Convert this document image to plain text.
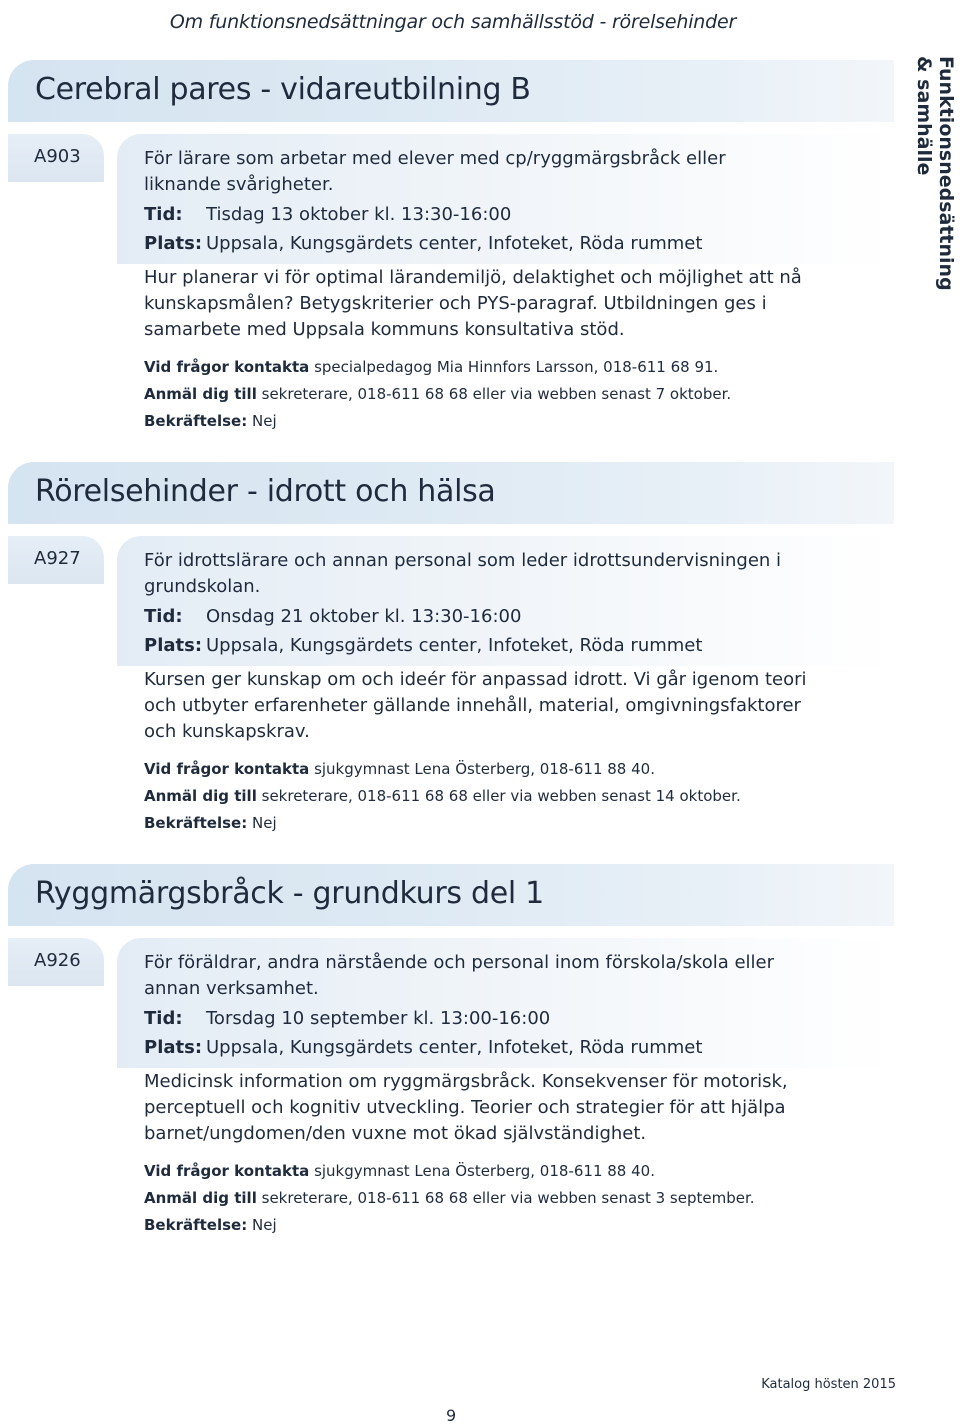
Om funktionsnedsättningar och samhällsstöd - rörelsehinder
Funktionsnedsättning
& samhälle
Cerebral pares - vidareutbilning B
A903	För lärare som arbetar med elever med cp/ryggmärgsbråck eller liknande svårigheter.

Tid:	Tisdag 13 oktober kl. 13:30-16:00
Plats: Uppsala, Kungsgärdets center, Infoteket, Röda rummet

Hur planerar vi för optimal lärandemiljö, delaktighet och möjlighet att nå kunskapsmålen? Betygskriterier och PYS-paragraf. Utbildningen ges i samarbete med Uppsala kommuns konsultativa stöd.

Vid frågor kontakta specialpedagog Mia Hinnfors Larsson, 018-611 68 91.
Anmäl dig till sekreterare, 018-611 68 68 eller via webben senast 7 oktober.
Bekräftelse: Nej
Rörelsehinder - idrott och hälsa
A927	För idrottslärare och annan personal som leder idrottsundervisningen i grundskolan.

Tid:	Onsdag 21 oktober kl. 13:30-16:00
Plats: Uppsala, Kungsgärdets center, Infoteket, Röda rummet

Kursen ger kunskap om och ideér för anpassad idrott. Vi går igenom teori och utbyter erfarenheter gällande innehåll, material, omgivningsfaktorer och kunskapskrav.

Vid frågor kontakta sjukgymnast Lena Österberg, 018-611 88 40.
Anmäl dig till sekreterare, 018-611 68 68 eller via webben senast 14 oktober.
Bekräftelse: Nej
Ryggmärgsbråck - grundkurs del 1
A926	För föräldrar, andra närstående och personal inom förskola/skola eller annan verksamhet.

Tid:	Torsdag 10 september kl. 13:00-16:00
Plats: Uppsala, Kungsgärdets center, Infoteket, Röda rummet

Medicinsk information om ryggmärgsbråck. Konsekvenser för motorisk, perceptuell och kognitiv utveckling. Teorier och strategier för att hjälpa barnet/ungdomen/den vuxne mot ökad självständighet.

Vid frågor kontakta sjukgymnast Lena Österberg, 018-611 88 40.
Anmäl dig till sekreterare, 018-611 68 68 eller via webben senast 3 september.
Bekräftelse: Nej
Katalog hösten 2015
9
